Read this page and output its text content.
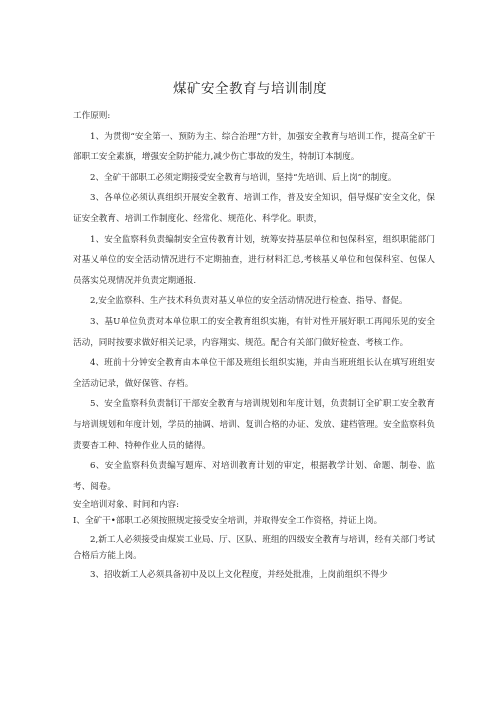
煤矿安全教育与培训制度

工作原则:

1、为贯彻“安全第一、预防为主、综合治理”方针，加强安全教育与培训工作，提高全矿干部职工安全素旗，增强安全防护能力,减少伤亡事故的发生，特制订本制度。

2、全矿干部职工必须定期接受安全教育与培训，坚持“先培训、后上岗”的制度。

3、各单位必须认真组织开展安全教育、培训工作，普及安全知识，倡导煤矿安全文化，保证安全教育、培训工作制度化、经常化、规范化、科学化。职责，

1、安全监察科负责编制安全宣传教育计划，统筹安持基层单位和包保科室，组织职能部门对基乂单位的安全活动情况进行不定期抽査，进行材料汇总,考核基乂单位和包保科室、包保人员落实兑现情况并负责定期通报.

2,安全监察科、生产技术科负责对基乂单位的安全活动情况进行检查、指导、督促。

3、基U单位负责对本单位职工的安全教育组织实施，有针对性开展好职工再闻乐见的安全活动，同时按要求做好相关记录，内容翔实、规范。配合有关部门做好检查、考核工作。

4、班前十分钟安全教育由本单位干部及班组长组织实施，并由当班班组长认在填写班组安全活动记录，做好保管、存档。

5、安全监察科负责制订干部安全教育与培训规划和年度计划，负责制订全矿职工安全教育与培训规划和年度计划，学员的抽调、培训、复训合格的办证、发放、建档管理。安全监察科负责要杳工种、特种作业人员的储得。

6、安全监察科负责编写题库、对培训教育计划的审定，根据教学计划、命题、制卷、监考、阅卷。

安全培训对象、时间和内容:

I、全矿干•部职工必须按照规定接受安全培训，并取得安全工作资格，持证上岗。

2,新工人必须接受由煤炭工业局、厅、区队、班组的四级安全教育与培训，经有关部门考试合格后方能上岗。

3、招收新工人必须具备初中及以上文化程度，并经处批准，上岗前组织不得少
